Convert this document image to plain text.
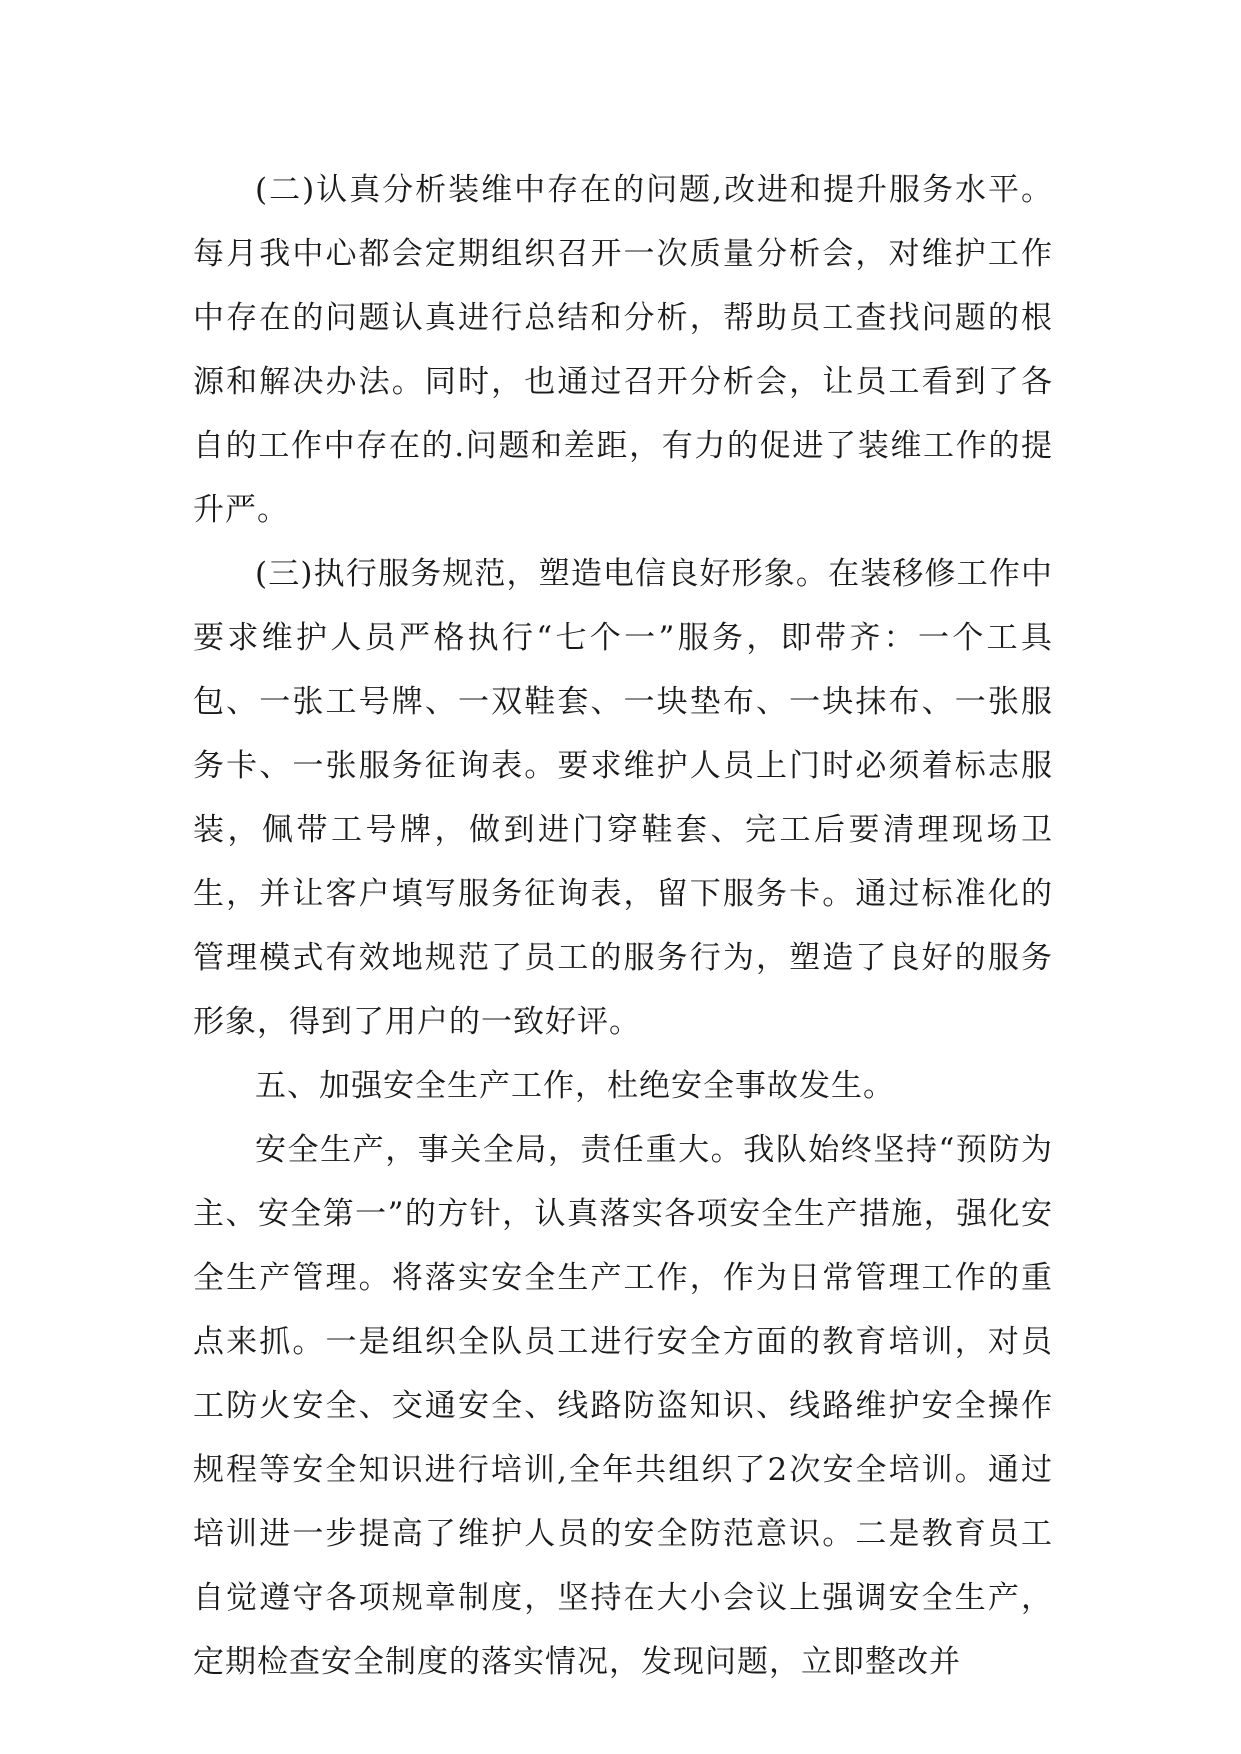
(二)认真分析装维中存在的问题,改进和提升服务水平。每月我中心都会定期组织召开一次质量分析会，对维护工作中存在的问题认真进行总结和分析，帮助员工查找问题的根源和解决办法。同时，也通过召开分析会，让员工看到了各自的工作中存在的.问题和差距，有力的促进了装维工作的提升严。

(三)执行服务规范，塑造电信良好形象。在装移修工作中要求维护人员严格执行“七个一”服务，即带齐：一个工具包、一张工号牌、一双鞋套、一块垫布、一块抹布、一张服务卡、一张服务征询表。要求维护人员上门时必须着标志服装，佩带工号牌，做到进门穿鞋套、完工后要清理现场卫生，并让客户填写服务征询表，留下服务卡。通过标准化的管理模式有效地规范了员工的服务行为，塑造了良好的服务形象，得到了用户的一致好评。

五、加强安全生产工作，杜绝安全事故发生。

安全生产，事关全局，责任重大。我队始终坚持“预防为主、安全第一”的方针，认真落实各项安全生产措施，强化安全生产管理。将落实安全生产工作，作为日常管理工作的重点来抓。一是组织全队员工进行安全方面的教育培训，对员工防火安全、交通安全、线路防盗知识、线路维护安全操作规程等安全知识进行培训,全年共组织了2次安全培训。通过培训进一步提高了维护人员的安全防范意识。二是教育员工自觉遵守各项规章制度，坚持在大小会议上强调安全生产，定期检查安全制度的落实情况，发现问题，立即整改并
